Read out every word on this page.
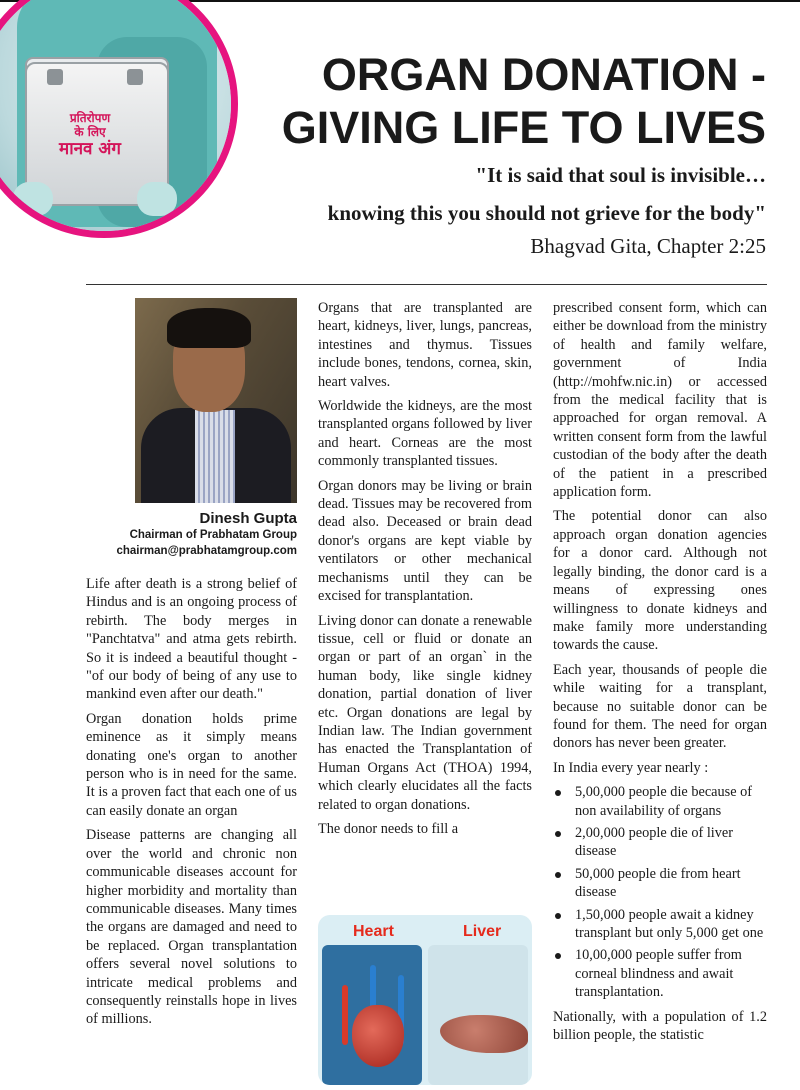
प्रतिरोपण
के लिए
मानव अंग
ORGAN DONATION -
GIVING LIFE TO LIVES
"It is said that soul is invisible…
knowing this you should not grieve for the body"
Bhagvad Gita, Chapter 2:25
Dinesh Gupta
Chairman of Prabhatam Group
chairman@prabhatamgroup.com

Life after death is a strong belief of Hindus and is an ongoing process of rebirth. The body merges in "Panchtatva" and atma gets rebirth. So it is indeed a beautiful thought - "of our body of being of any use to mankind even after our death."

Organ donation holds prime eminence as it simply means donating one's organ to another person who is in need for the same. It is a proven fact that each one of us can easily donate an organ

Disease patterns are changing all over the world and chronic non communicable diseases account for higher morbidity and mortality than communicable diseases. Many times the organs are damaged and need to be replaced. Organ transplantation offers several novel solutions to intricate medical problems and consequently reinstalls hope in lives of millions.

Organs that are transplanted are heart, kidneys, liver, lungs, pancreas, intestines and thymus. Tissues include bones, tendons, cornea, skin, heart valves.

Worldwide the kidneys, are the most transplanted organs followed by liver and heart. Corneas are the most commonly transplanted tissues.

Organ donors may be living or brain dead. Tissues may be recovered from dead also. Deceased or brain dead donor's organs are kept viable by ventilators or other mechanical mechanisms until they can be excised for transplantation.

Living donor can donate a renewable tissue, cell or fluid or donate an organ or part of an organ` in the human body, like single kidney donation, partial donation of liver etc. Organ donations are legal by Indian law. The Indian government has enacted the Transplantation of Human Organs Act (THOA) 1994, which clearly elucidates all the facts related to organ donations.

The donor needs to fill a

Heart	Liver

prescribed consent form, which can either be download from the ministry of health and family welfare, government of India (http://mohfw.nic.in) or accessed from the medical facility that is approached for organ removal. A written consent form from the lawful custodian of the body after the death of the patient in a prescribed application form.

The potential donor can also approach organ donation agencies for a donor card. Although not legally binding, the donor card is a means of expressing ones willingness to donate kidneys and make family more understanding towards the cause.

Each year, thousands of people die while waiting for a transplant, because no suitable donor can be found for them. The need for organ donors has never been greater.

In India every year nearly :

5,00,000 people die because of non availability of organs
2,00,000 people die of liver disease
50,000 people die from heart disease
1,50,000 people await a kidney transplant but only 5,000 get one
10,00,000 people suffer from corneal blindness and await transplantation.

Nationally, with a population of 1.2 billion people, the statistic
